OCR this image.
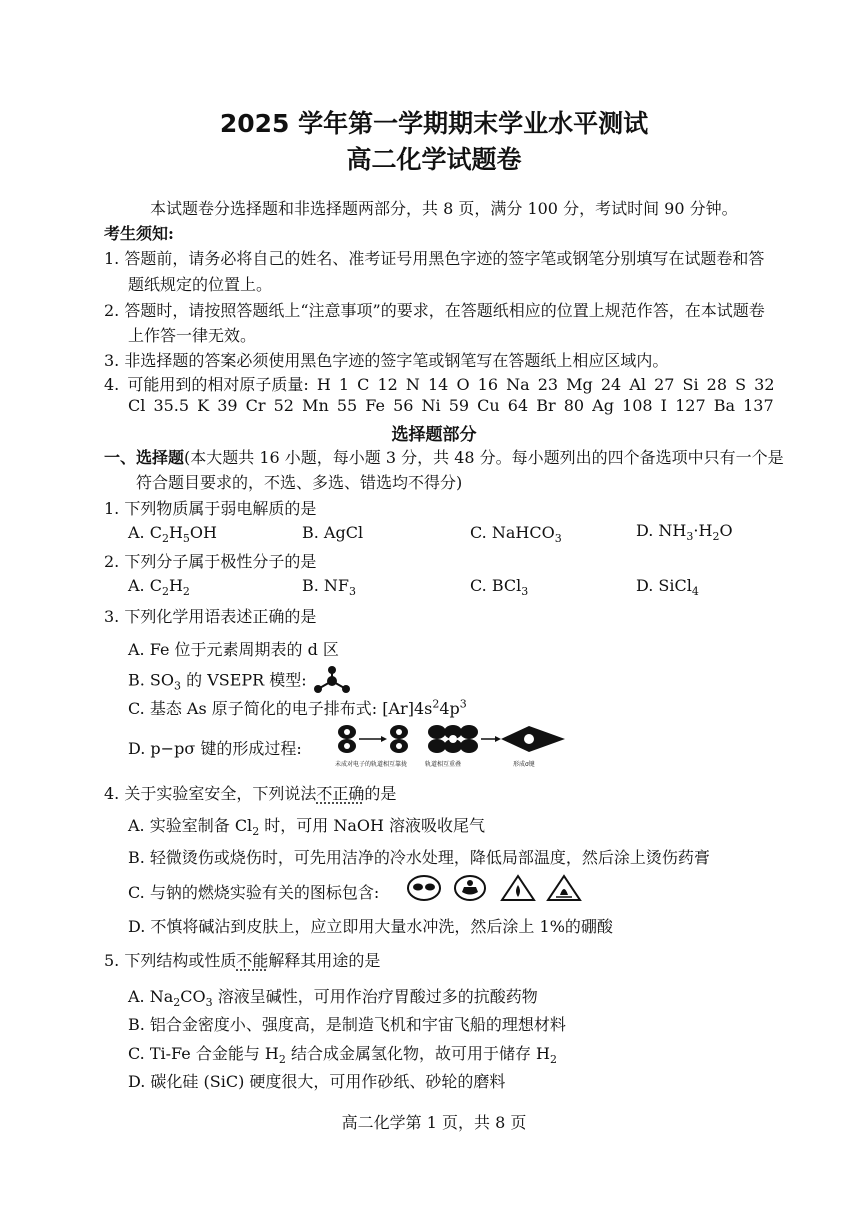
2025 学年第一学期期末学业水平测试
高二化学试题卷
本试题卷分选择题和非选择题两部分，共 8 页，满分 100 分，考试时间 90 分钟。
考生须知:
1. 答题前，请务必将自己的姓名、准考证号用黑色字迹的签字笔或钢笔分别填写在试题卷和答
题纸规定的位置上。
2. 答题时，请按照答题纸上“注意事项”的要求，在答题纸相应的位置上规范作答，在本试题卷
上作答一律无效。
3. 非选择题的答案必须使用黑色字迹的签字笔或钢笔写在答题纸上相应区域内。
4. 可能用到的相对原子质量: H 1 C 12 N 14 O 16 Na 23 Mg 24 Al 27 Si 28 S 32
Cl 35.5 K 39 Cr 52 Mn 55 Fe 56 Ni 59 Cu 64 Br 80 Ag 108 I 127 Ba 137
选择题部分
一、选择题(本大题共 16 小题，每小题 3 分，共 48 分。每小题列出的四个备选项中只有一个是
符合题目要求的，不选、多选、错选均不得分)
1. 下列物质属于弱电解质的是
A. $C_2H_5OH$	B. AgCl	C. NaHCO$_3$	D. $NH_3\cdot H_2O$
2. 下列分子属于极性分子的是
A. $C_2H_2$	B. $NF_3$	C. BCl$_3$	D. SiCl$_4$
3. 下列化学用语表述正确的是
A. Fe 位于元素周期表的 d 区
B. $SO_3$ 的 VSEPR 模型:
C. 基态 As 原子简化的电子排布式: $[Ar]4s^24p^3$
D. p−pσ 键的形成过程:
未成对电子的轨道相互靠拢	轨道相互重叠	形成σ键
4. 关于实验室安全，下列说法不正确的是
A. 实验室制备 $Cl_2$ 时，可用 NaOH 溶液吸收尾气
B. 轻微烫伤或烧伤时，可先用洁净的冷水处理，降低局部温度，然后涂上烫伤药膏
C. 与钠的燃烧实验有关的图标包含:
D. 不慎将碱沾到皮肤上，应立即用大量水冲洗，然后涂上 1%的硼酸
5. 下列结构或性质不能解释其用途的是
A. $Na_2CO_3$ 溶液呈碱性，可用作治疗胃酸过多的抗酸药物
B. 铝合金密度小、强度高，是制造飞机和宇宙飞船的理想材料
C. Ti-Fe 合金能与 $H_2$ 结合成金属氢化物，故可用于储存 $H_2$
D. 碳化硅 (SiC) 硬度很大，可用作砂纸、砂轮的磨料
高二化学第 1 页，共 8 页
